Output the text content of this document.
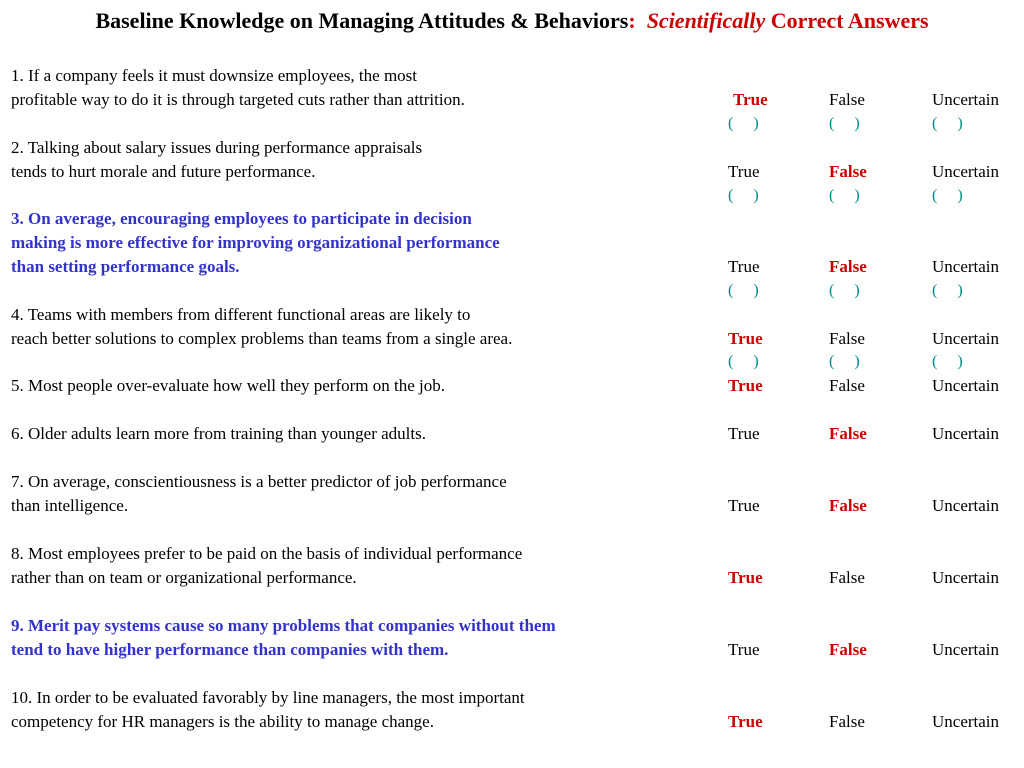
Baseline Knowledge on Managing Attitudes & Behaviors: Scientifically Correct Answers
1. If a company feels it must downsize employees, the most
profitable way to do it is through targeted cuts rather than attrition.	True	False	Uncertain
(     )	(     )	(     )
2. Talking about salary issues during performance appraisals
tends to hurt morale and future performance.	True	False	Uncertain
(     )	(     )	(     )
3. On average, encouraging employees to participate in decision
making is more effective for improving organizational performance
than setting performance goals.	True	False	Uncertain
(     )	(     )	(     )
4. Teams with members from different functional areas are likely to
reach better solutions to complex problems than teams from a single area.	True	False	Uncertain
(     )	(     )	(     )
5. Most people over-evaluate how well they perform on the job.	True	False	Uncertain
6. Older adults learn more from training than younger adults.	True	False	Uncertain
7. On average, conscientiousness is a better predictor of job performance
than intelligence.	True	False	Uncertain
8. Most employees prefer to be paid on the basis of individual performance
rather than on team or organizational performance.	True	False	Uncertain
9. Merit pay systems cause so many problems that companies without them
tend to have higher performance than companies with them.	True	False	Uncertain
10. In order to be evaluated favorably by line managers, the most important
competency for HR managers is the ability to manage change.	True	False	Uncertain
